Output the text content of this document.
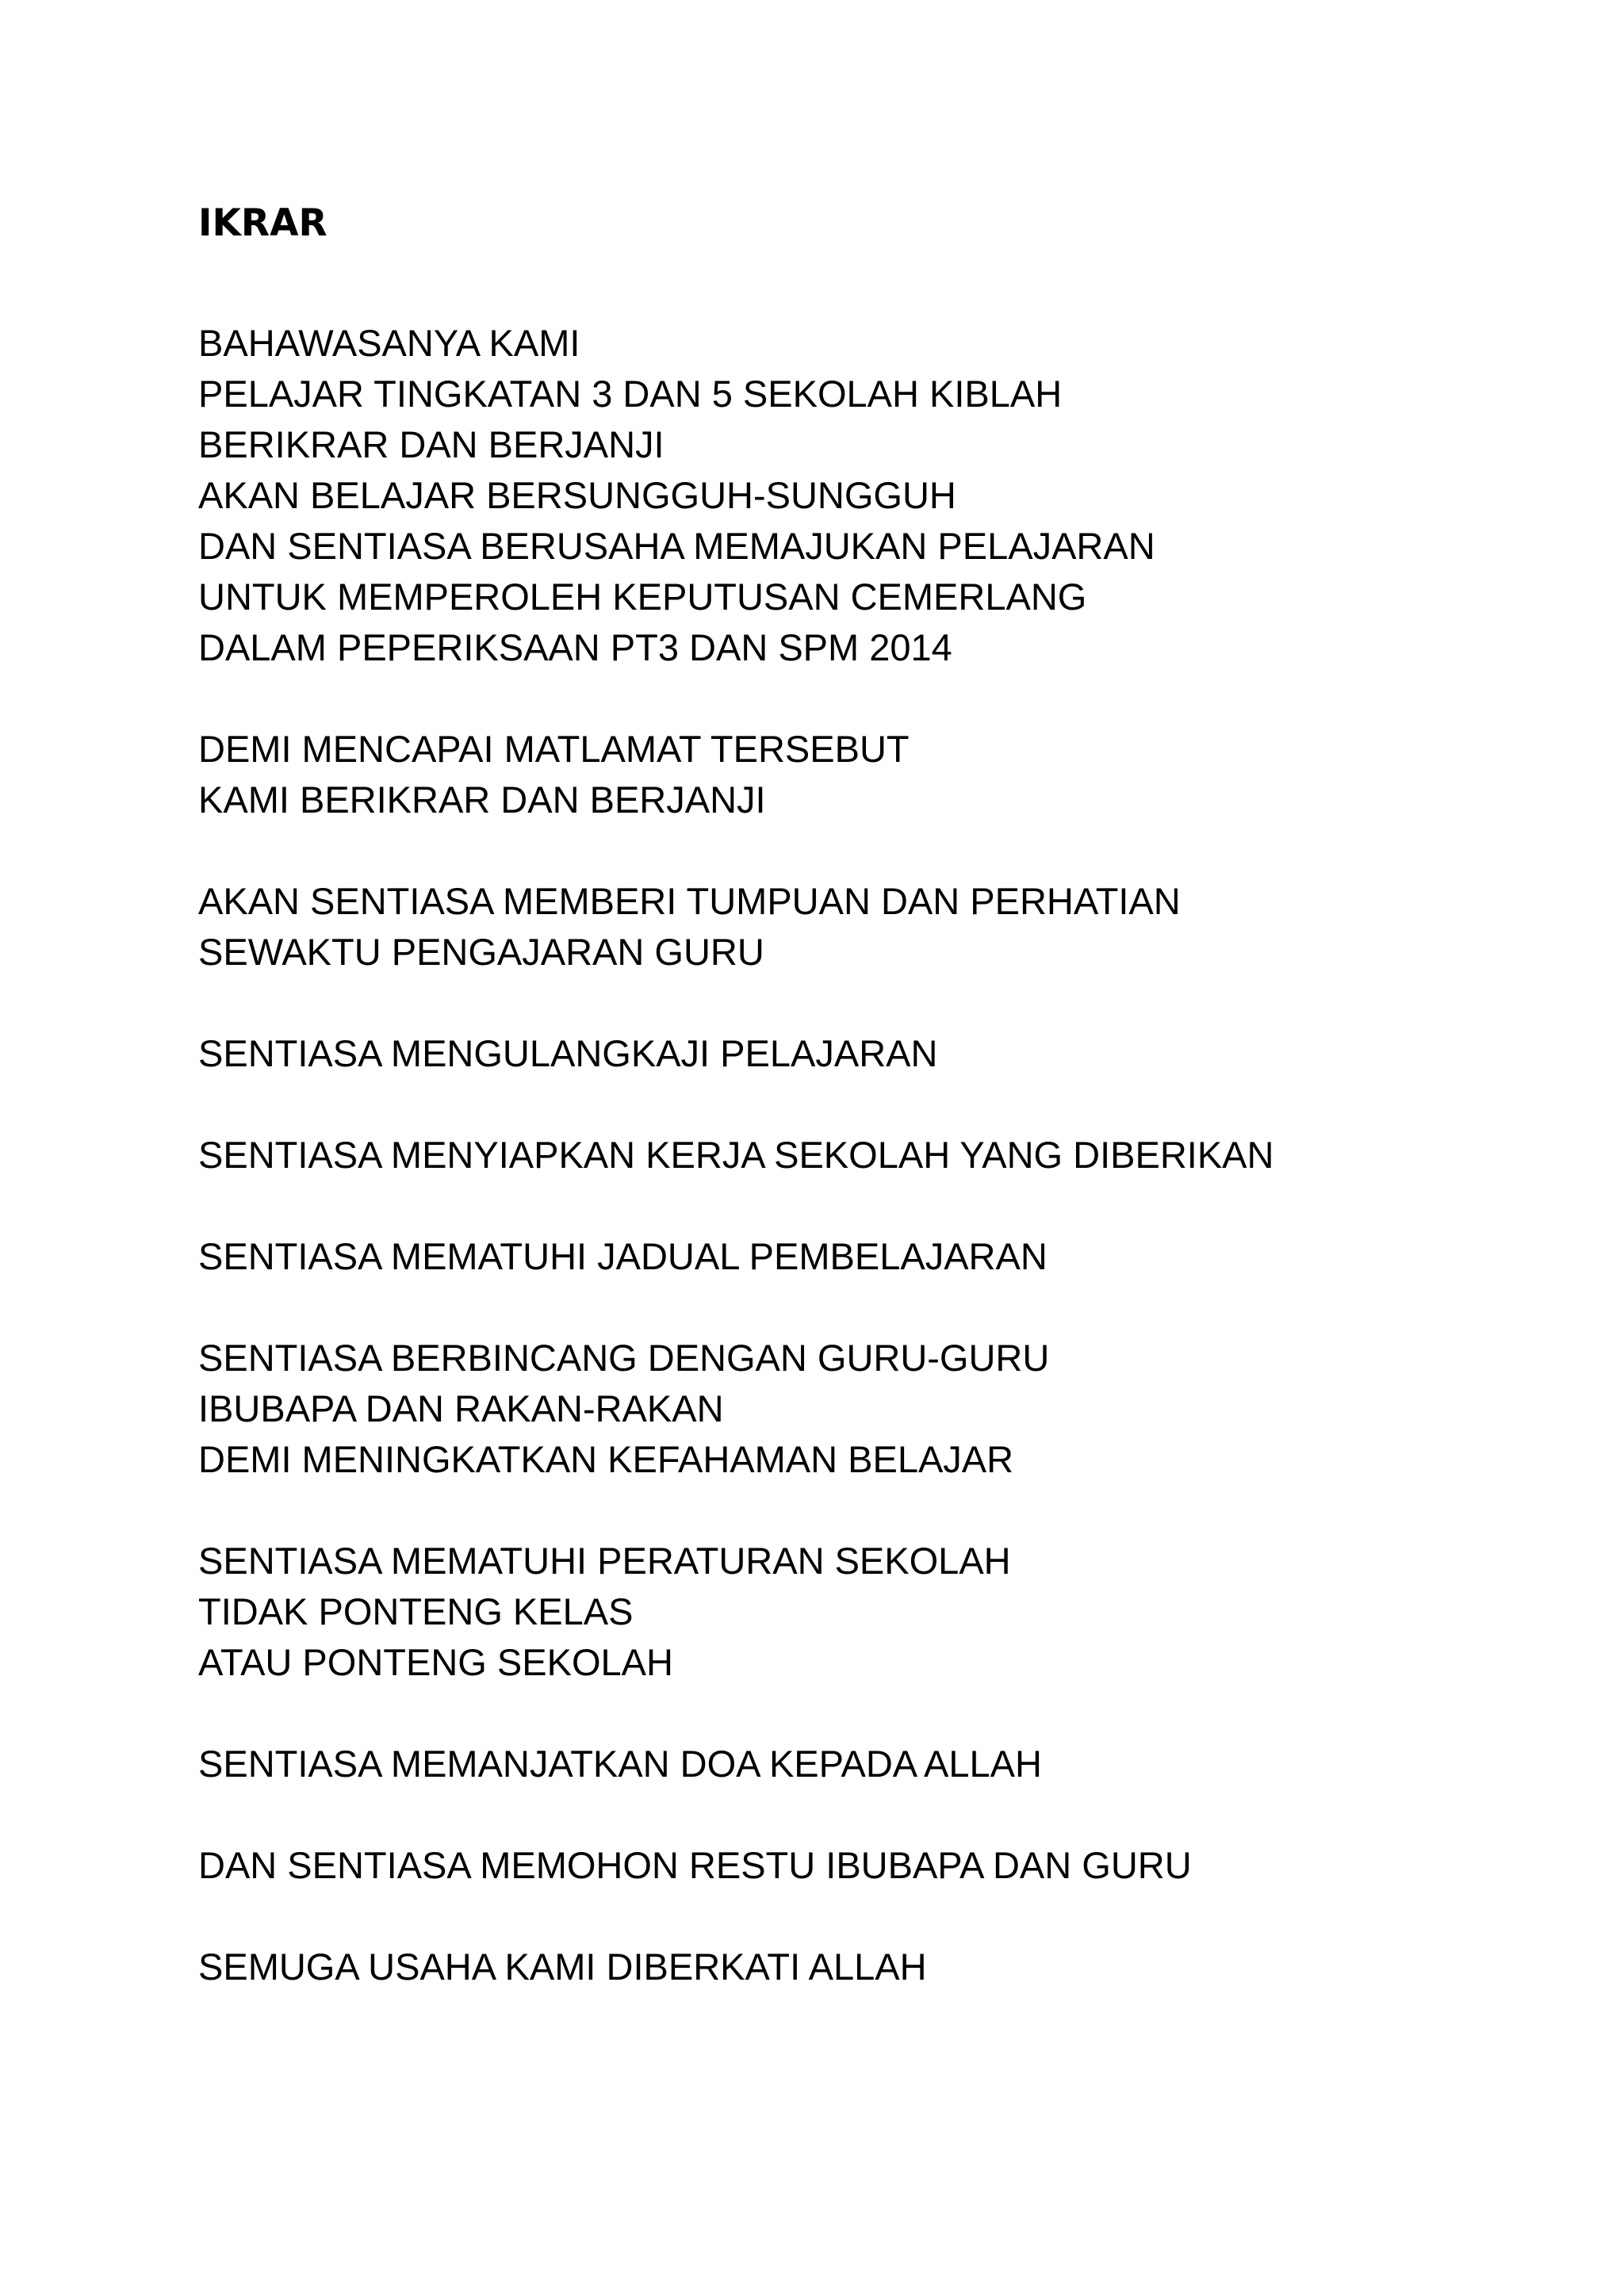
IKRAR

BAHAWASANYA KAMI

PELAJAR TINGKATAN 3 DAN 5 SEKOLAH KIBLAH

BERIKRAR DAN BERJANJI

AKAN BELAJAR BERSUNGGUH-SUNGGUH

DAN SENTIASA BERUSAHA MEMAJUKAN PELAJARAN

UNTUK MEMPEROLEH KEPUTUSAN CEMERLANG

DALAM PEPERIKSAAN PT3 DAN SPM 2014

DEMI MENCAPAI MATLAMAT TERSEBUT

KAMI BERIKRAR DAN BERJANJI

AKAN SENTIASA MEMBERI TUMPUAN DAN PERHATIAN

SEWAKTU PENGAJARAN GURU

SENTIASA MENGULANGKAJI PELAJARAN

SENTIASA MENYIAPKAN KERJA SEKOLAH YANG DIBERIKAN

SENTIASA MEMATUHI JADUAL PEMBELAJARAN

SENTIASA BERBINCANG DENGAN GURU-GURU

IBUBAPA DAN RAKAN-RAKAN

DEMI MENINGKATKAN KEFAHAMAN BELAJAR

SENTIASA MEMATUHI PERATURAN SEKOLAH

TIDAK PONTENG KELAS

ATAU PONTENG SEKOLAH

SENTIASA MEMANJATKAN DOA KEPADA ALLAH

DAN SENTIASA MEMOHON RESTU IBUBAPA DAN GURU

SEMUGA USAHA KAMI DIBERKATI ALLAH
